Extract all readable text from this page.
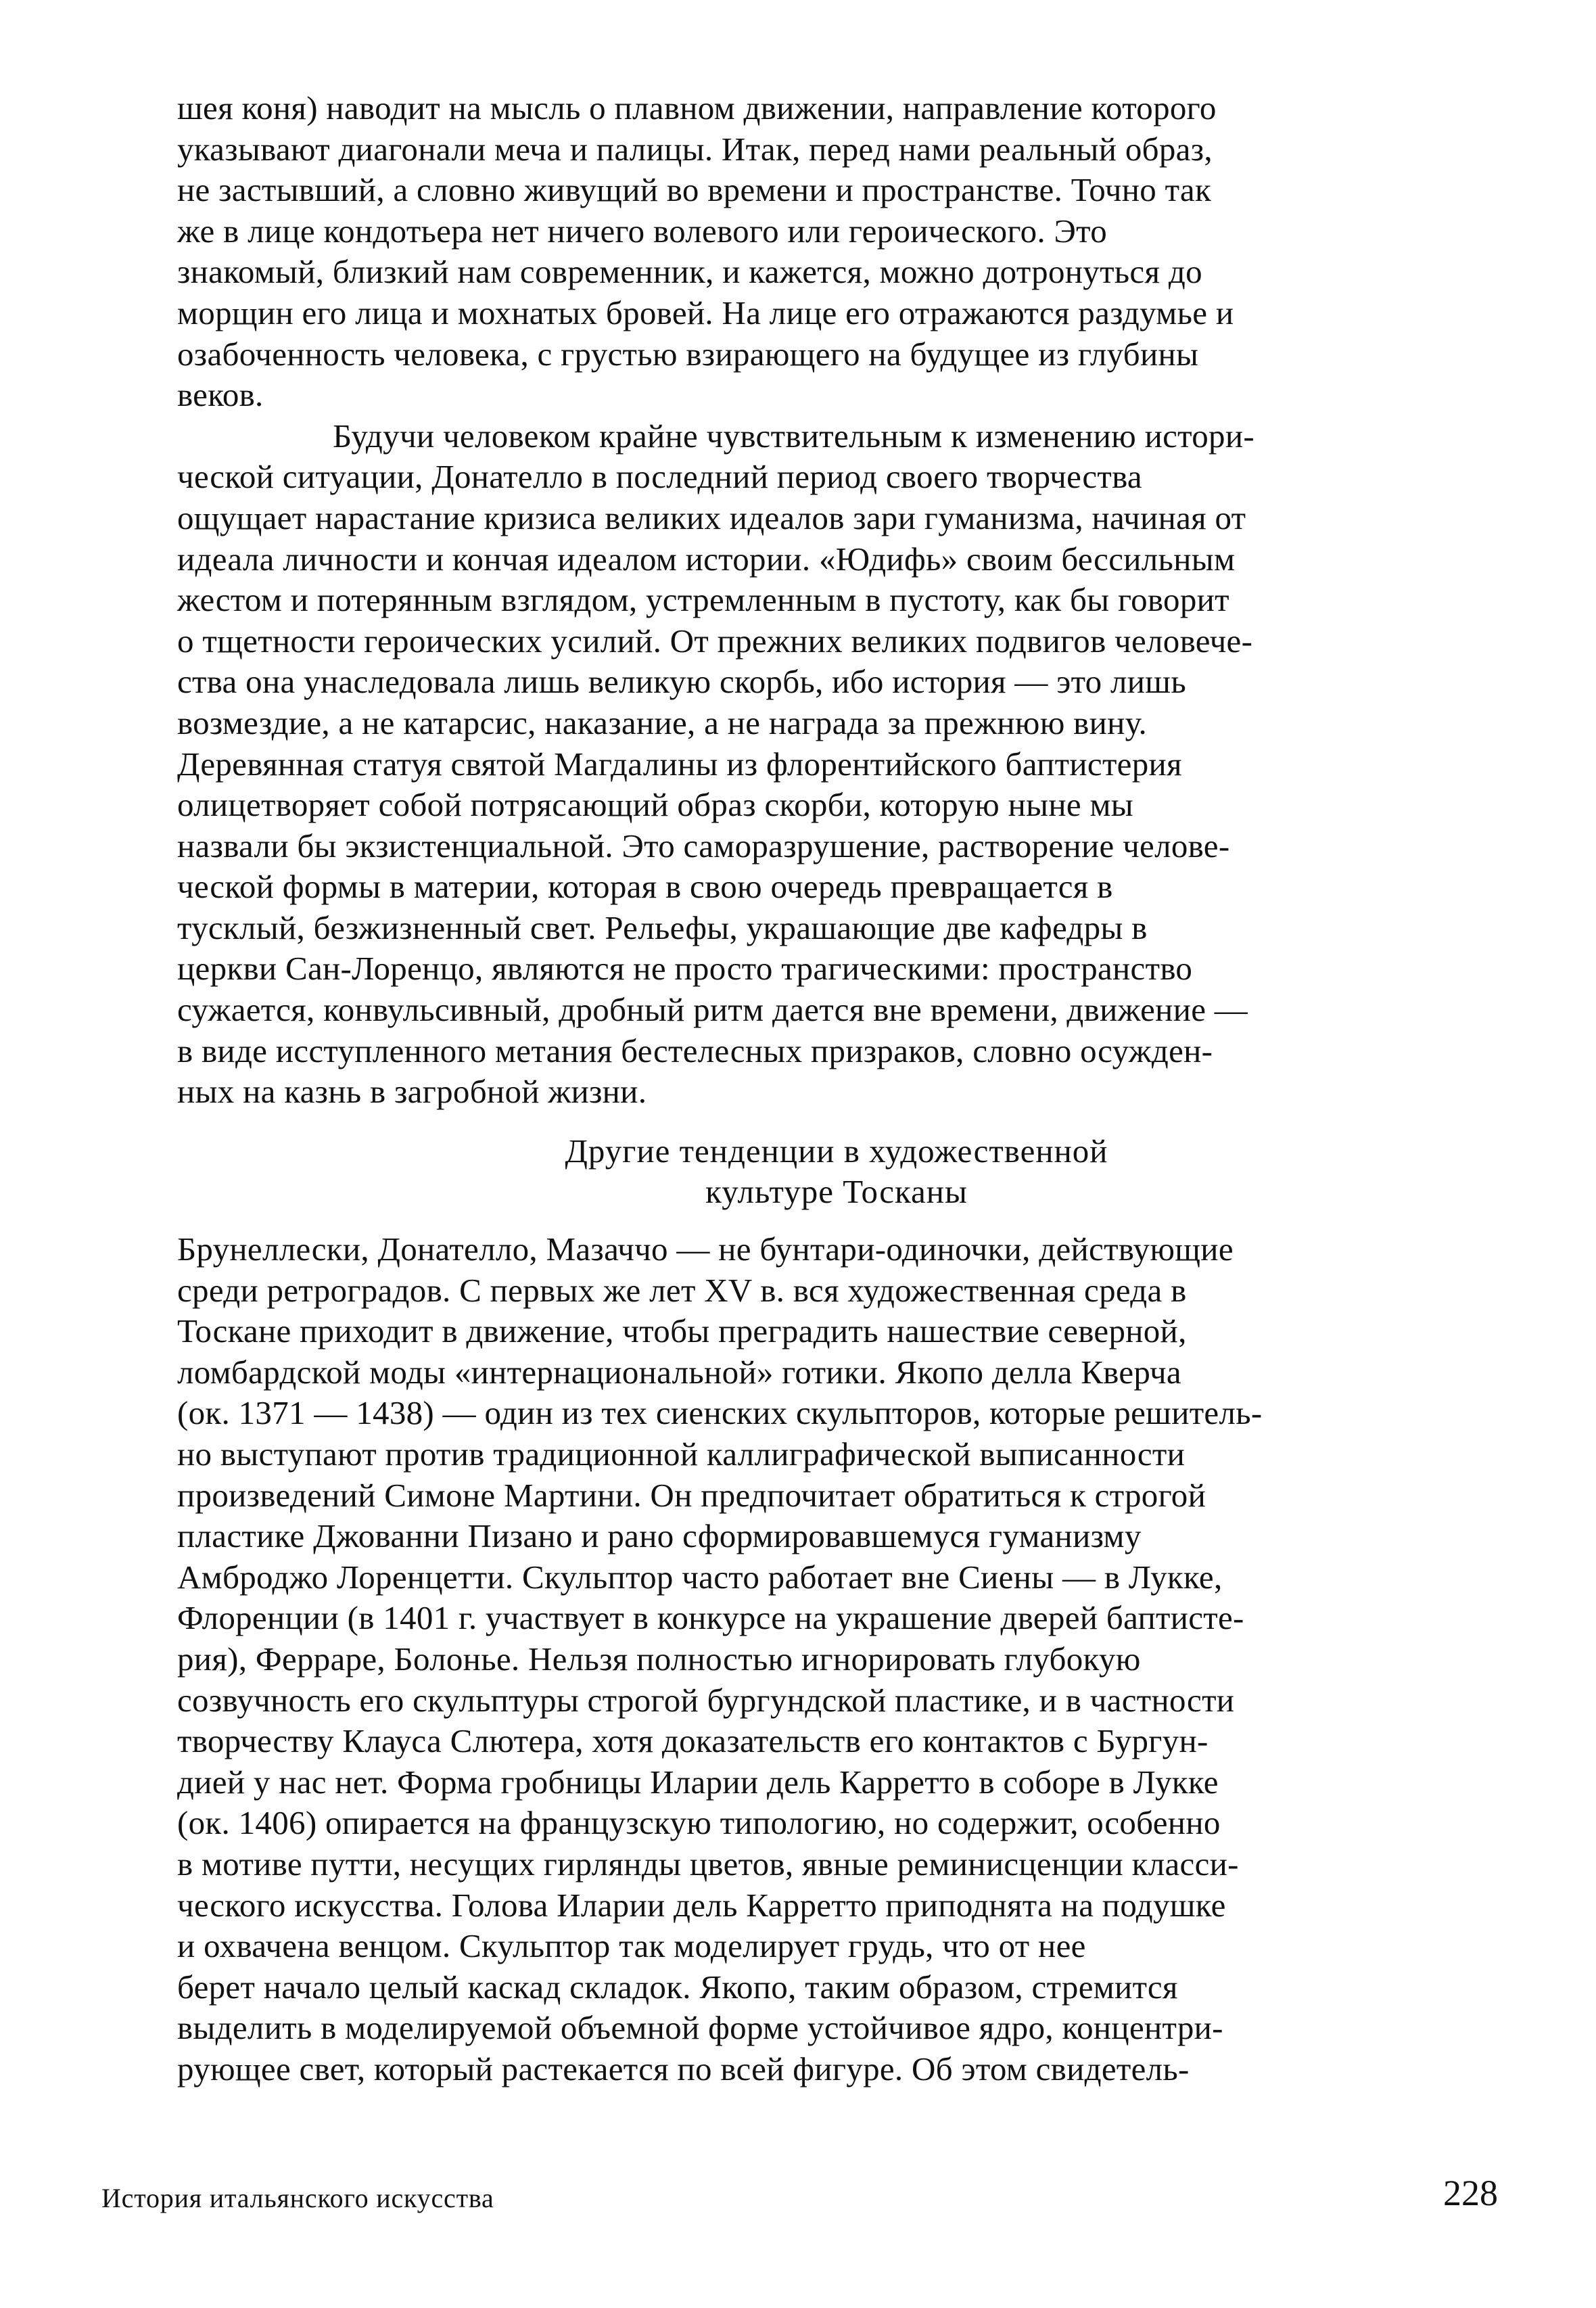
шея коня) наводит на мысль о плавном движении, направление которого
указывают диагонали меча и палицы. Итак, перед нами реальный образ,
не застывший, а словно живущий во времени и пространстве. Точно так
же в лице кондотьера нет ничего волевого или героического. Это
знакомый, близкий нам современник, и кажется, можно дотронуться до
морщин его лица и мохнатых бровей. На лице его отражаются раздумье и
озабоченность человека, с грустью взирающего на будущее из глубины
веков.
Будучи человеком крайне чувствительным к изменению истори-
ческой ситуации, Донателло в последний период своего творчества
ощущает нарастание кризиса великих идеалов зари гуманизма, начиная от
идеала личности и кончая идеалом истории. «Юдифь» своим бессильным
жестом и потерянным взглядом, устремленным в пустоту, как бы говорит
о тщетности героических усилий. От прежних великих подвигов человече-
ства она унаследовала лишь великую скорбь, ибо история — это лишь
возмездие, а не катарсис, наказание, а не награда за прежнюю вину.
Деревянная статуя святой Магдалины из флорентийского баптистерия
олицетворяет собой потрясающий образ скорби, которую ныне мы
назвали бы экзистенциальной. Это саморазрушение, растворение челове-
ческой формы в материи, которая в свою очередь превращается в
тусклый, безжизненный свет. Рельефы, украшающие две кафедры в
церкви Сан-Лоренцо, являются не просто трагическими: пространство
сужается, конвульсивный, дробный ритм дается вне времени, движение —
в виде исступленного метания бестелесных призраков, словно осужден-
ных на казнь в загробной жизни.
Другие тенденции в художественной
культуре Тосканы
Брунеллески, Донателло, Мазаччо — не бунтари-одиночки, действующие
среди ретроградов. С первых же лет XV в. вся художественная среда в
Тоскане приходит в движение, чтобы преградить нашествие северной,
ломбардской моды «интернациональной» готики. Якопо делла Кверча
(ок. 1371 — 1438) — один из тех сиенских скульпторов, которые решитель-
но выступают против традиционной каллиграфической выписанности
произведений Симоне Мартини. Он предпочитает обратиться к строгой
пластике Джованни Пизано и рано сформировавшемуся гуманизму
Амброджо Лоренцетти. Скульптор часто работает вне Сиены — в Лукке,
Флоренции (в 1401 г. участвует в конкурсе на украшение дверей баптисте-
рия), Ферраре, Болонье. Нельзя полностью игнорировать глубокую
созвучность его скульптуры строгой бургундской пластике, и в частности
творчеству Клауса Слютера, хотя доказательств его контактов с Бургун-
дией у нас нет. Форма гробницы Иларии дель Карретто в соборе в Лукке
(ок. 1406) опирается на французскую типологию, но содержит, особенно
в мотиве путти, несущих гирлянды цветов, явные реминисценции класси-
ческого искусства. Голова Иларии дель Карретто приподнята на подушке
и охвачена венцом. Скульптор так моделирует грудь, что от нее
берет начало целый каскад складок. Якопо, таким образом, стремится
выделить в моделируемой объемной форме устойчивое ядро, концентри-
рующее свет, который растекается по всей фигуре. Об этом свидетель-
История итальянского искусства	228
